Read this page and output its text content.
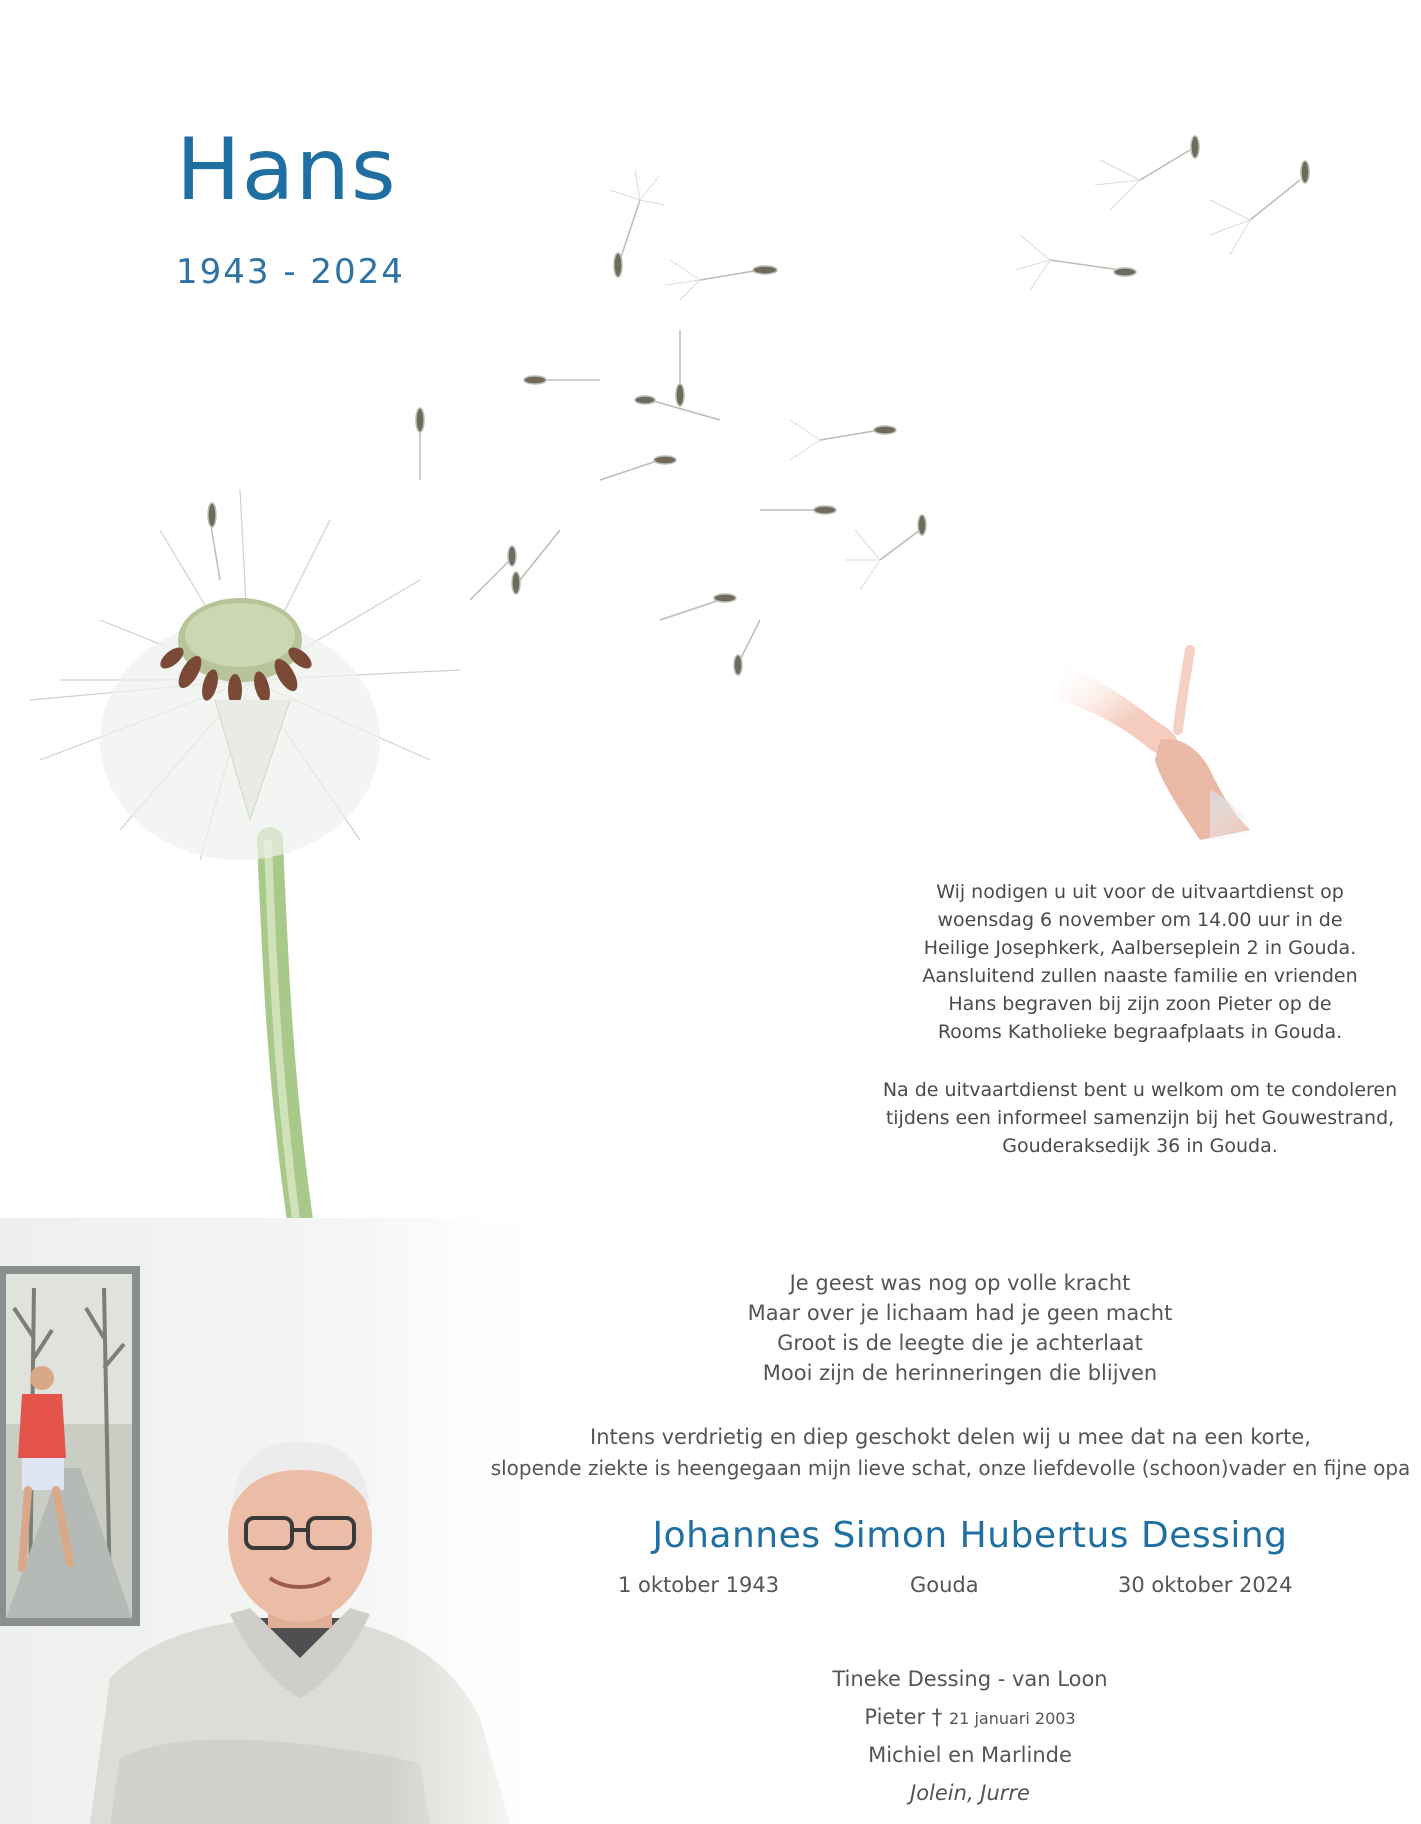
Hans
1943 - 2024

Wij nodigen u uit voor de uitvaartdienst op

woensdag 6 november om 14.00 uur in de

Heilige Josephkerk, Aalberseplein 2 in Gouda.

Aansluitend zullen naaste familie en vrienden

Hans begraven bij zijn zoon Pieter op de

Rooms Katholieke begraafplaats in Gouda.

Na de uitvaartdienst bent u welkom om te condoleren

tijdens een informeel samenzijn bij het Gouwestrand,

Gouderaksedijk 36 in Gouda.

Je geest was nog op volle kracht

Maar over je lichaam had je geen macht

Groot is de leegte die je achterlaat

Mooi zijn de herinneringen die blijven

Intens verdrietig en diep geschokt delen wij u mee dat na een korte,

slopende ziekte is heengegaan mijn lieve schat, onze liefdevolle (schoon)vader en fijne opa

Johannes Simon Hubertus Dessing
1 oktober 1943	Gouda	30 oktober 2024
Tineke Dessing - van Loon
Pieter † 21 januari 2003
Michiel en Marlinde
Jolein, Jurre
